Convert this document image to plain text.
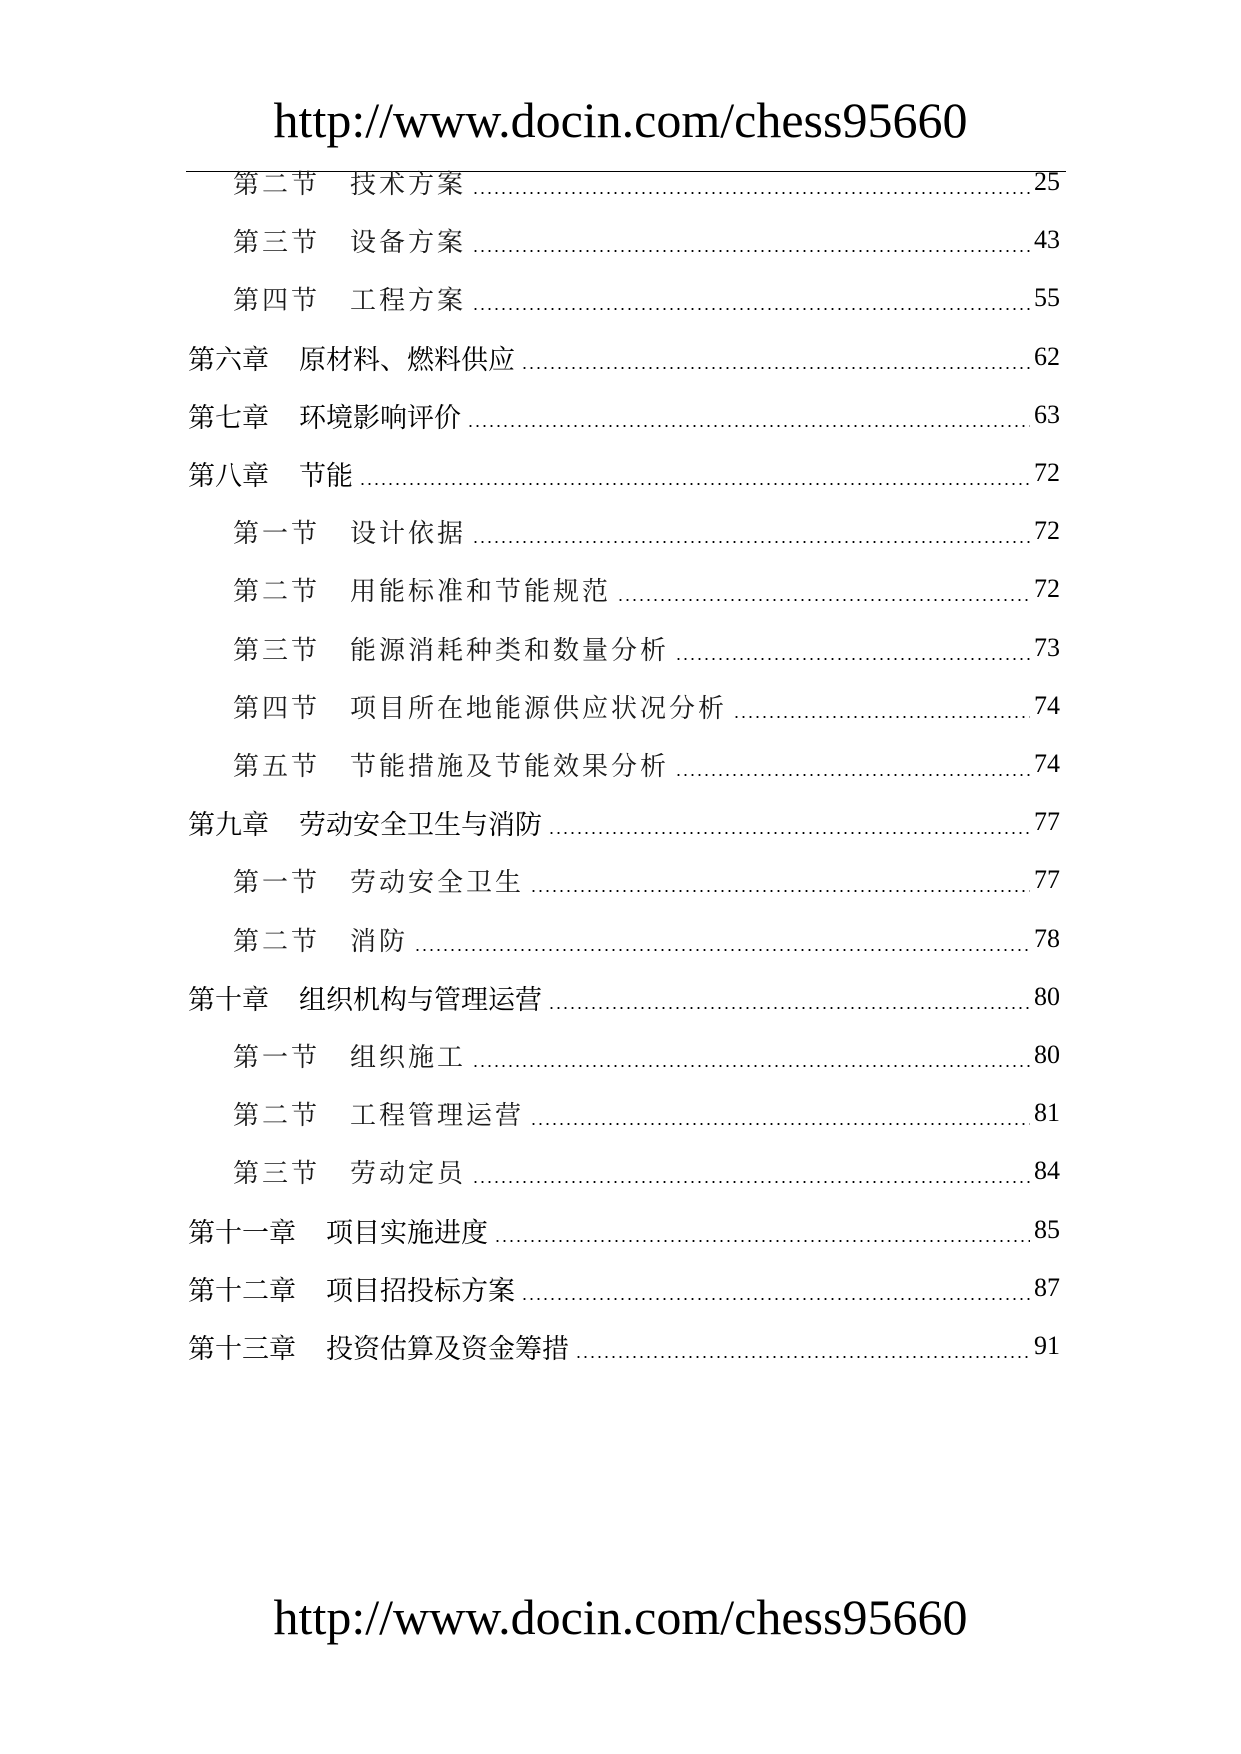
http://www.docin.com/chess95660
第二节 技术方案	25
第三节 设备方案	43
第四节 工程方案	55
第六章 原材料、燃料供应	62
第七章 环境影响评价	63
第八章 节能	72
第一节 设计依据	72
第二节 用能标准和节能规范	72
第三节 能源消耗种类和数量分析	73
第四节 项目所在地能源供应状况分析	74
第五节 节能措施及节能效果分析	74
第九章 劳动安全卫生与消防	77
第一节 劳动安全卫生	77
第二节 消防	78
第十章 组织机构与管理运营	80
第一节 组织施工	80
第二节 工程管理运营	81
第三节 劳动定员	84
第十一章 项目实施进度	85
第十二章 项目招投标方案	87
第十三章 投资估算及资金筹措	91
http://www.docin.com/chess95660
